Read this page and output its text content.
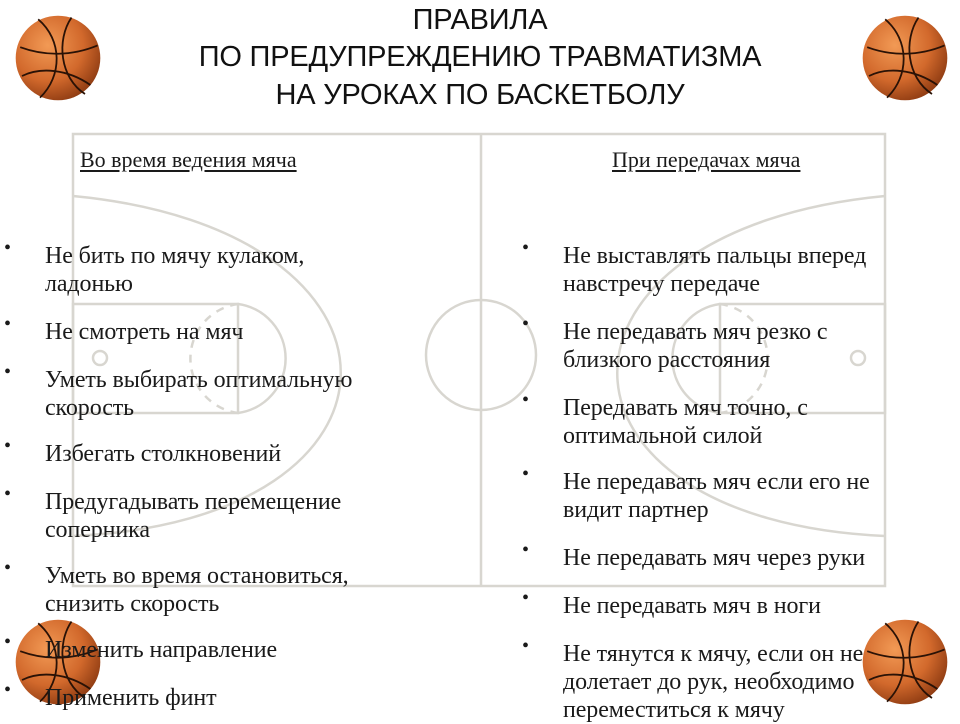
ПРАВИЛА
ПО ПРЕДУПРЕЖДЕНИЮ ТРАВМАТИЗМА
НА УРОКАХ ПО БАСКЕТБОЛУ
Во время ведения мяча	При передачах мяча
•	Не бить по мячу кулаком,
ладонью
•	Не смотреть на мяч
•	Уметь выбирать оптимальную
скорость
•	Избегать столкновений
•	Предугадывать перемещение
соперника
•	Уметь во время остановиться,
снизить скорость
•	Изменить направление
•	Применить финт
•	Не выставлять пальцы вперед
навстречу передаче
•	Не передавать мяч резко с
близкого расстояния
•	Передавать мяч точно, с
оптимальной силой
•	Не передавать мяч если его не
видит партнер
•	Не передавать мяч через руки
•	Не передавать мяч в ноги
•	Не тянутся к мячу, если он не
долетает до рук, необходимо
переместиться к мячу
